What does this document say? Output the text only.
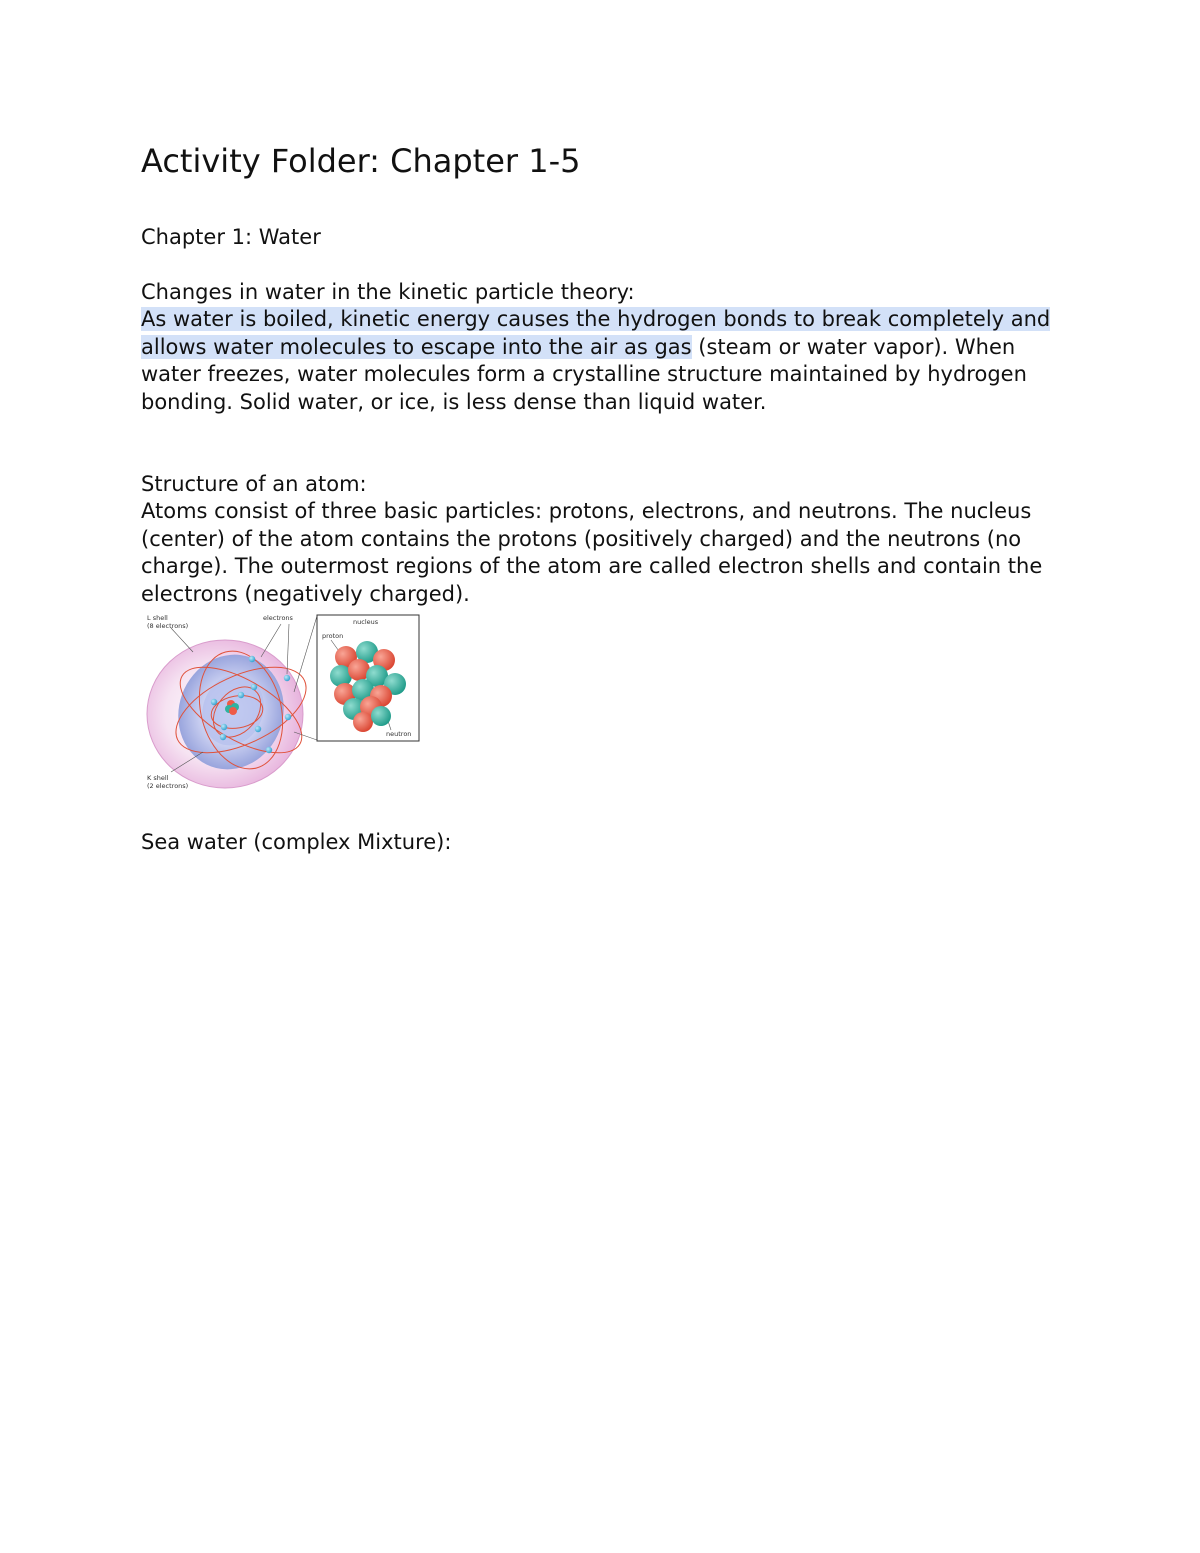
Activity Folder: Chapter 1-5

Chapter 1: Water

Changes in water in the kinetic particle theory:

As water is boiled, kinetic energy causes the hydrogen bonds to break completely and allows water molecules to escape into the air as gas (steam or water vapor). When water freezes, water molecules form a crystalline structure maintained by hydrogen bonding. Solid water, or ice, is less dense than liquid water.

Structure of an atom:

Atoms consist of three basic particles: protons, electrons, and neutrons. The nucleus (center) of the atom contains the protons (positively charged) and the neutrons (no charge). The outermost regions of the atom are called electron shells and contain the electrons (negatively charged).

L shell
(8 electrons)
electrons
K shell
(2 electrons)
nucleus
proton
neutron

Sea water (complex Mixture):
